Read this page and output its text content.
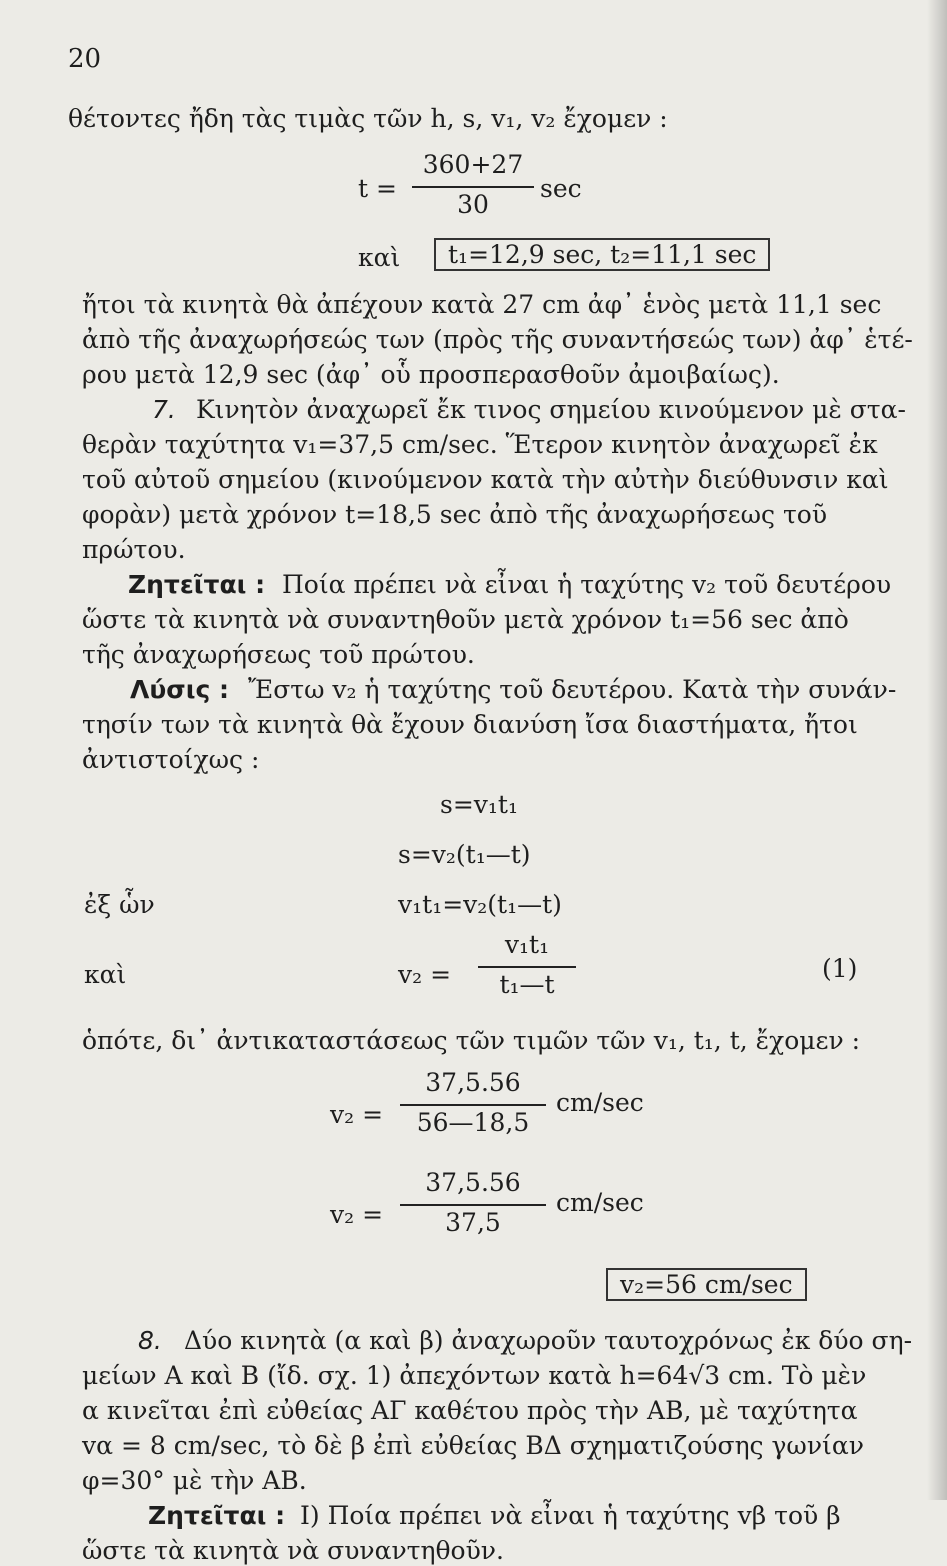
20
θέτοντες ἤδη τὰς τιμὰς τῶν h, s, v₁, v₂ ἔχομεν :
t =
360+27
30
sec
καὶ	t₁=12,9 sec, t₂=11,1 sec
ἤτοι τὰ κινητὰ θὰ ἀπέχουν κατὰ 27 cm ἀφ᾿ ἑνὸς μετὰ 11,1 sec
ἀπὸ τῆς ἀναχωρήσεώς των (πρὸς τῆς συναντήσεώς των) ἀφ᾿ ἑτέ-
ρου μετὰ 12,9 sec (ἀφ᾿ οὗ προσπερασθοῦν ἀμοιβαίως).
7. Κινητὸν ἀναχωρεῖ ἔκ τινος σημείου κινούμενον μὲ στα-
θερὰν ταχύτητα v₁=37,5 cm/sec. Ἕτερον κινητὸν ἀναχωρεῖ ἐκ
τοῦ αὐτοῦ σημείου (κινούμενον κατὰ τὴν αὐτὴν διεύθυνσιν καὶ
φορὰν) μετὰ χρόνον t=18,5 sec ἀπὸ τῆς ἀναχωρήσεως τοῦ
πρώτου.
Ζητεῖται : Ποία πρέπει νὰ εἶναι ἡ ταχύτης v₂ τοῦ δευτέρου
ὥστε τὰ κινητὰ νὰ συναντηθοῦν μετὰ χρόνον t₁=56 sec ἀπὸ
τῆς ἀναχωρήσεως τοῦ πρώτου.
Λύσις : Ἔστω v₂ ἡ ταχύτης τοῦ δευτέρου. Κατὰ τὴν συνάν-
τησίν των τὰ κινητὰ θὰ ἔχουν διανύση ἴσα διαστήματα, ἤτοι
ἀντιστοίχως :
s=v₁t₁
s=v₂(t₁—t)
ἐξ ὧν	v₁t₁=v₂(t₁—t)
καὶ	v₂ =
v₁t₁
t₁—t
(1)
ὁπότε, δι᾿ ἀντικαταστάσεως τῶν τιμῶν τῶν v₁, t₁, t, ἔχομεν :
v₂ =
37,5.56
56—18,5
cm/sec
v₂ =
37,5.56
37,5
cm/sec
v₂=56 cm/sec
8. Δύο κινητὰ (α καὶ β) ἀναχωροῦν ταυτοχρόνως ἐκ δύο ση-
μείων A καὶ B (ἴδ. σχ. 1) ἀπεχόντων κατὰ h=64√3 cm. Τὸ μὲν
α κινεῖται ἐπὶ εὐθείας ΑΓ καθέτου πρὸς τὴν AB, μὲ ταχύτητα
vα = 8 cm/sec, τὸ δὲ β ἐπὶ εὐθείας ΒΔ σχηματιζούσης γωνίαν
φ=30° μὲ τὴν AB.
Ζητεῖται : I) Ποία πρέπει νὰ εἶναι ἡ ταχύτης vβ τοῦ β
ὥστε τὰ κινητὰ νὰ συναντηθοῦν.
